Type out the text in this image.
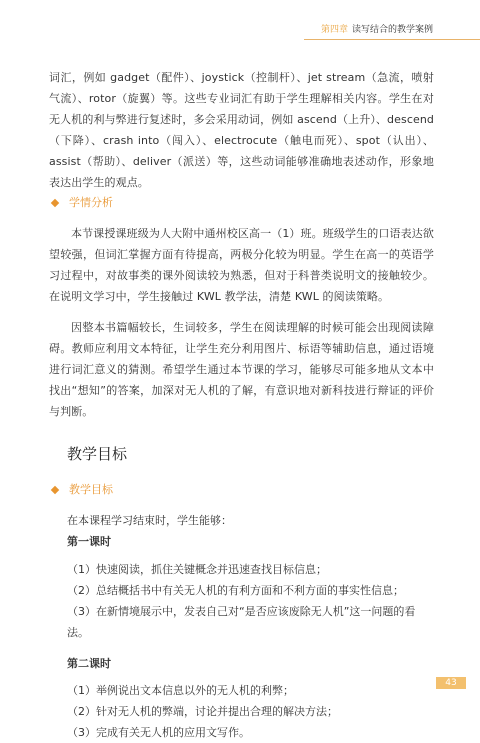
第四章 读写结合的教学案例

词汇，例如 gadget（配件）、joystick（控制杆）、jet stream（急流，喷射气流）、rotor（旋翼）等。这些专业词汇有助于学生理解相关内容。学生在对无人机的利与弊进行复述时，多会采用动词，例如 ascend（上升）、descend（下降）、crash into（闯入）、electrocute（触电而死）、spot（认出）、assist（帮助）、deliver（派送）等，这些动词能够准确地表述动作，形象地表达出学生的观点。

学情分析

本节课授课班级为人大附中通州校区高一（1）班。班级学生的口语表达欲望较强，但词汇掌握方面有待提高，两极分化较为明显。学生在高一的英语学习过程中，对故事类的课外阅读较为熟悉，但对于科普类说明文的接触较少。在说明文学习中，学生接触过 KWL 教学法，清楚 KWL 的阅读策略。

因整本书篇幅较长，生词较多，学生在阅读理解的时候可能会出现阅读障碍。教师应利用文本特征，让学生充分利用图片、标语等辅助信息，通过语境进行词汇意义的猜测。希望学生通过本节课的学习，能够尽可能多地从文本中找出“想知”的答案，加深对无人机的了解，有意识地对新科技进行辩证的评价与判断。

教学目标
教学目标
在本课程学习结束时，学生能够：
第一课时
（1）快速阅读，抓住关键概念并迅速查找目标信息；
（2）总结概括书中有关无人机的有利方面和不利方面的事实性信息；
（3）在新情境展示中，发表自己对“是否应该废除无人机”这一问题的看法。
第二课时
（1）举例说出文本信息以外的无人机的利弊；
（2）针对无人机的弊端，讨论并提出合理的解决方法；
（3）完成有关无人机的应用文写作。
43
